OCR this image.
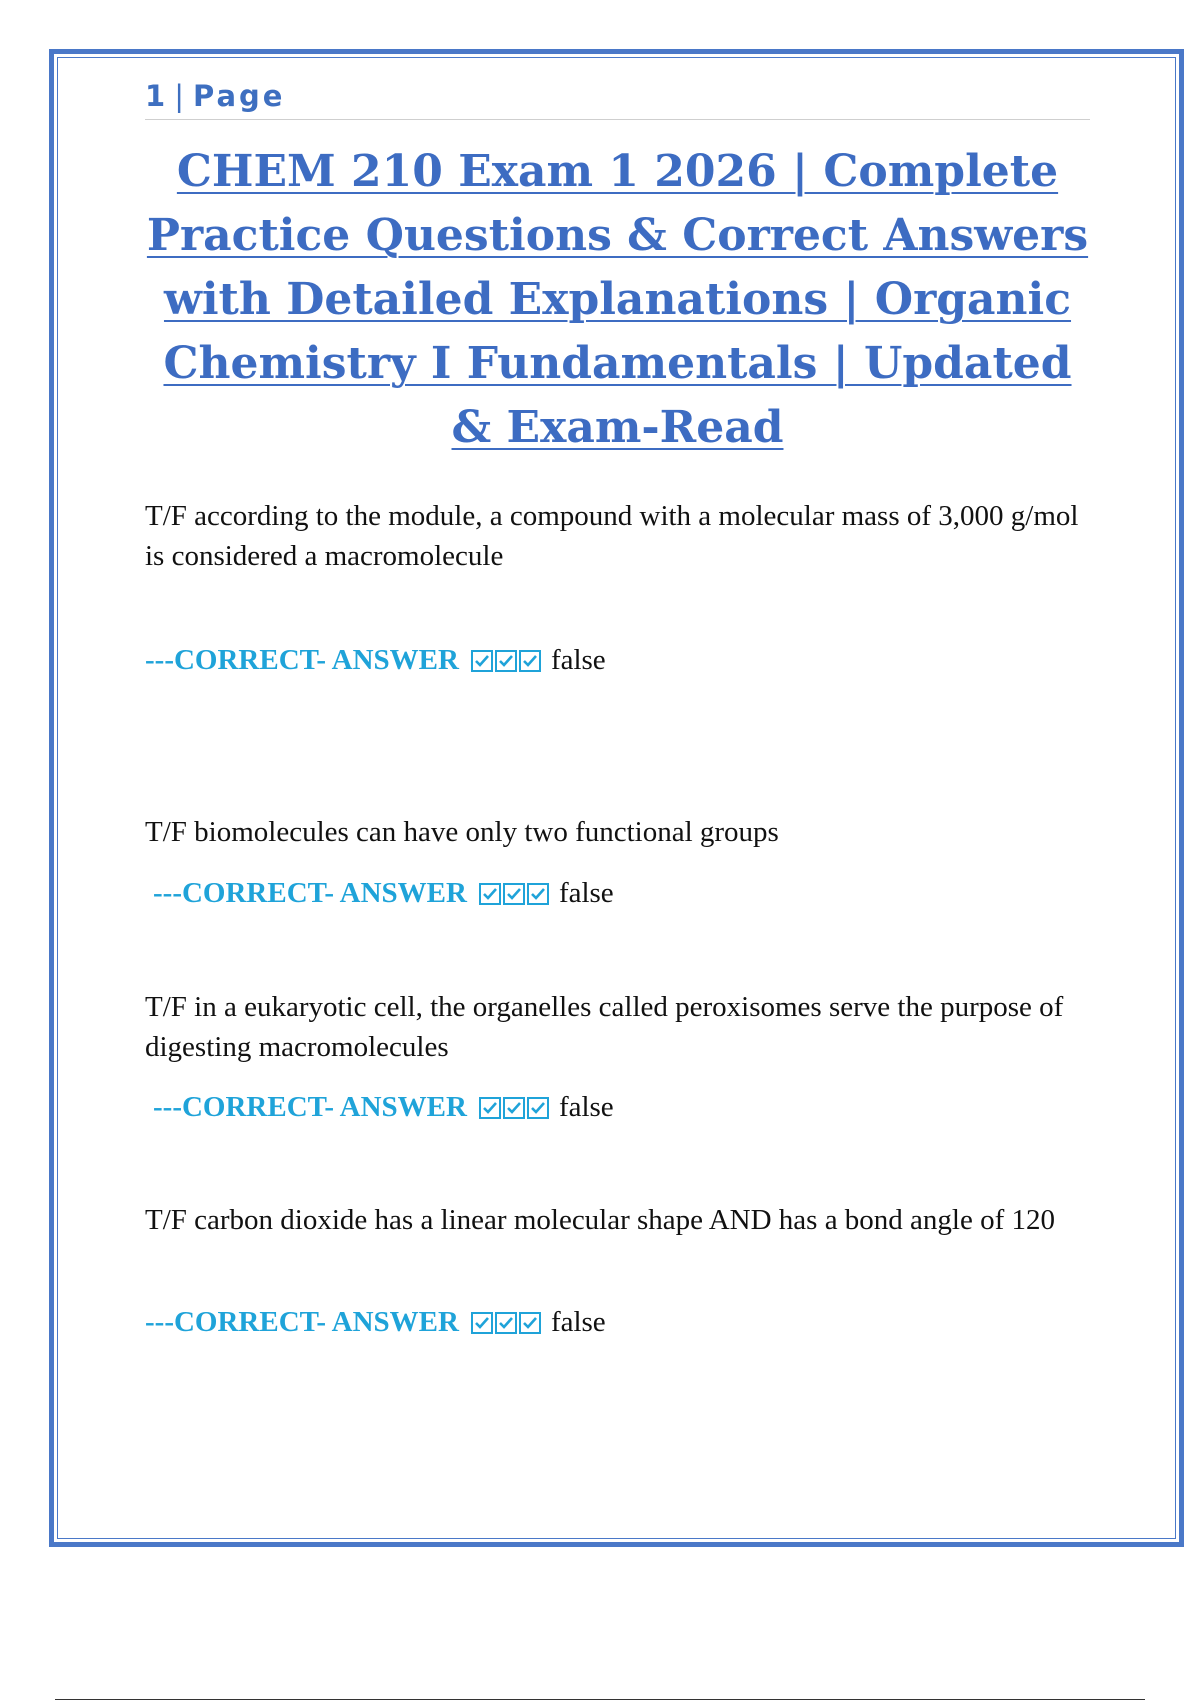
1 | Page
CHEM 210 Exam 1 2026 | Complete Practice Questions & Correct Answers with Detailed Explanations | Organic Chemistry I Fundamentals | Updated & Exam-Read

T/F according to the module, a compound with a molecular mass of 3,000 g/mol is considered a macromolecule

---CORRECT- ANSWER	false

T/F biomolecules can have only two functional groups

---CORRECT- ANSWER	false

T/F in a eukaryotic cell, the organelles called peroxisomes serve the purpose of digesting macromolecules

---CORRECT- ANSWER	false

T/F carbon dioxide has a linear molecular shape AND has a bond angle of 120

---CORRECT- ANSWER	false
